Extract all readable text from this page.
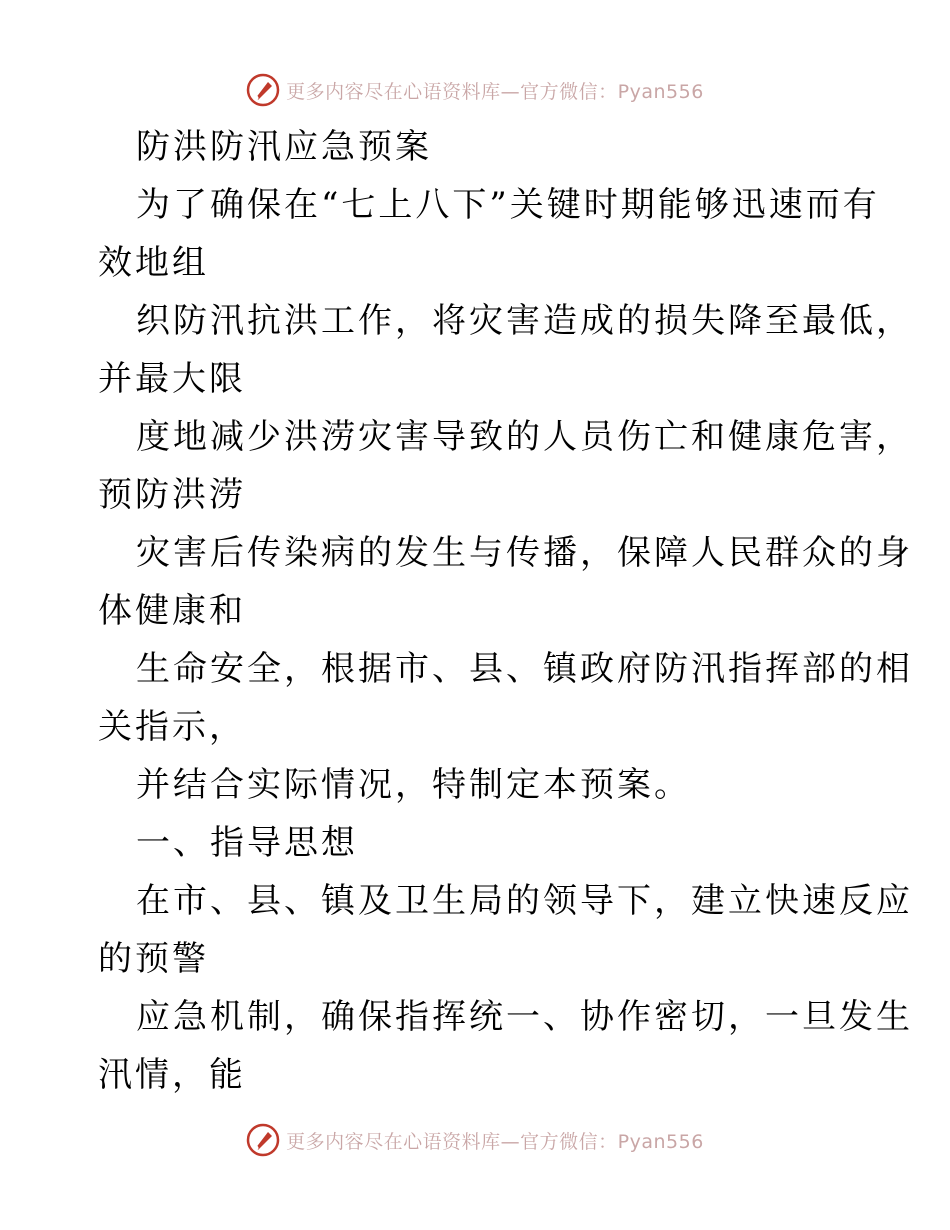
更多内容尽在心语资料库—官方微信：Pyan556
防洪防汛应急预案
为了确保在“七上八下”关键时期能够迅速而有
效地组
织防汛抗洪工作，将灾害造成的损失降至最低，
并最大限
度地减少洪涝灾害导致的人员伤亡和健康危害，
预防洪涝
灾害后传染病的发生与传播，保障人民群众的身
体健康和
生命安全，根据市、县、镇政府防汛指挥部的相
关指示，
并结合实际情况，特制定本预案。
一、指导思想
在市、县、镇及卫生局的领导下，建立快速反应
的预警
应急机制，确保指挥统一、协作密切，一旦发生
汛情，能
更多内容尽在心语资料库—官方微信：Pyan556
